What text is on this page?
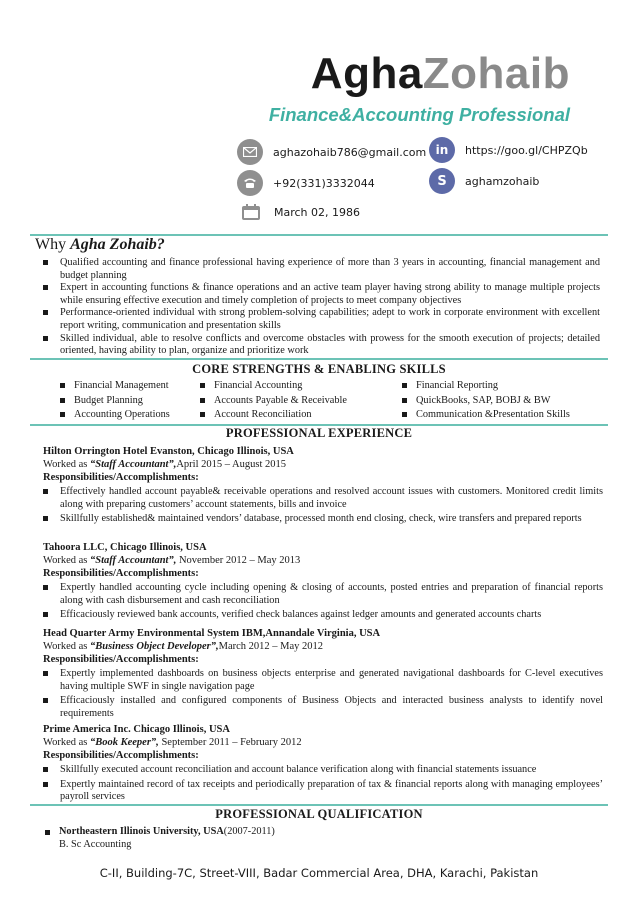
AghaZohaib
Finance&Accounting Professional
aghazohaib786@gmail.com
+92(331)3332044
March 02, 1986
in https://goo.gl/CHPZQb
S aghamzohaib
Why Agha Zohaib?
Qualified accounting and finance professional having experience of more than 3 years in accounting, financial management and budget planning
Expert in accounting functions & finance operations and an active team player having strong ability to manage multiple projects while ensuring effective execution and timely completion of projects to meet company objectives
Performance-oriented individual with strong problem-solving capabilities; adept to work in corporate environment with excellent report writing, communication and presentation skills
Skilled individual, able to resolve conflicts and overcome obstacles with prowess for the smooth execution of projects; detailed oriented, having ability to plan, organize and prioritize work
CORE STRENGTHS & ENABLING SKILLS
Financial Management	Financial Accounting	Financial Reporting
Budget Planning	Accounts Payable & Receivable	QuickBooks, SAP, BOBJ & BW
Accounting Operations	Account Reconciliation	Communication &Presentation Skills
PROFESSIONAL EXPERIENCE
Hilton Orrington Hotel Evanston, Chicago Illinois, USA
Worked as “Staff Accountant”,April 2015 – August 2015
Responsibilities/Accomplishments:
Effectively handled account payable& receivable operations and resolved account issues with customers. Monitored credit limits along with preparing customers’ account statements, bills and invoice
Skillfully established& maintained vendors’ database, processed month end closing, check, wire transfers and prepared reports
Tahoora LLC, Chicago Illinois, USA
Worked as “Staff Accountant”, November 2012 – May 2013
Responsibilities/Accomplishments:
Expertly handled accounting cycle including opening & closing of accounts, posted entries and preparation of financial reports along with cash disbursement and cash reconciliation
Efficaciously reviewed bank accounts, verified check balances against ledger amounts and generated accounts charts
Head Quarter Army Environmental System IBM,Annandale Virginia, USA
Worked as “Business Object Developer”,March 2012 – May 2012
Responsibilities/Accomplishments:
Expertly implemented dashboards on business objects enterprise and generated navigational dashboards for C-level executives having multiple SWF in single navigation page
Efficaciously installed and configured components of Business Objects and interacted business analysts to identify novel requirements
Prime America Inc. Chicago Illinois, USA
Worked as “Book Keeper”, September 2011 – February 2012
Responsibilities/Accomplishments:
Skillfully executed account reconciliation and account balance verification along with financial statements issuance
Expertly maintained record of tax receipts and periodically preparation of tax & financial reports along with managing employees’ payroll services
PROFESSIONAL QUALIFICATION
Northeastern Illinois University, USA(2007-2011)
B. Sc Accounting
C-II, Building-7C, Street-VIII, Badar Commercial Area, DHA, Karachi, Pakistan
